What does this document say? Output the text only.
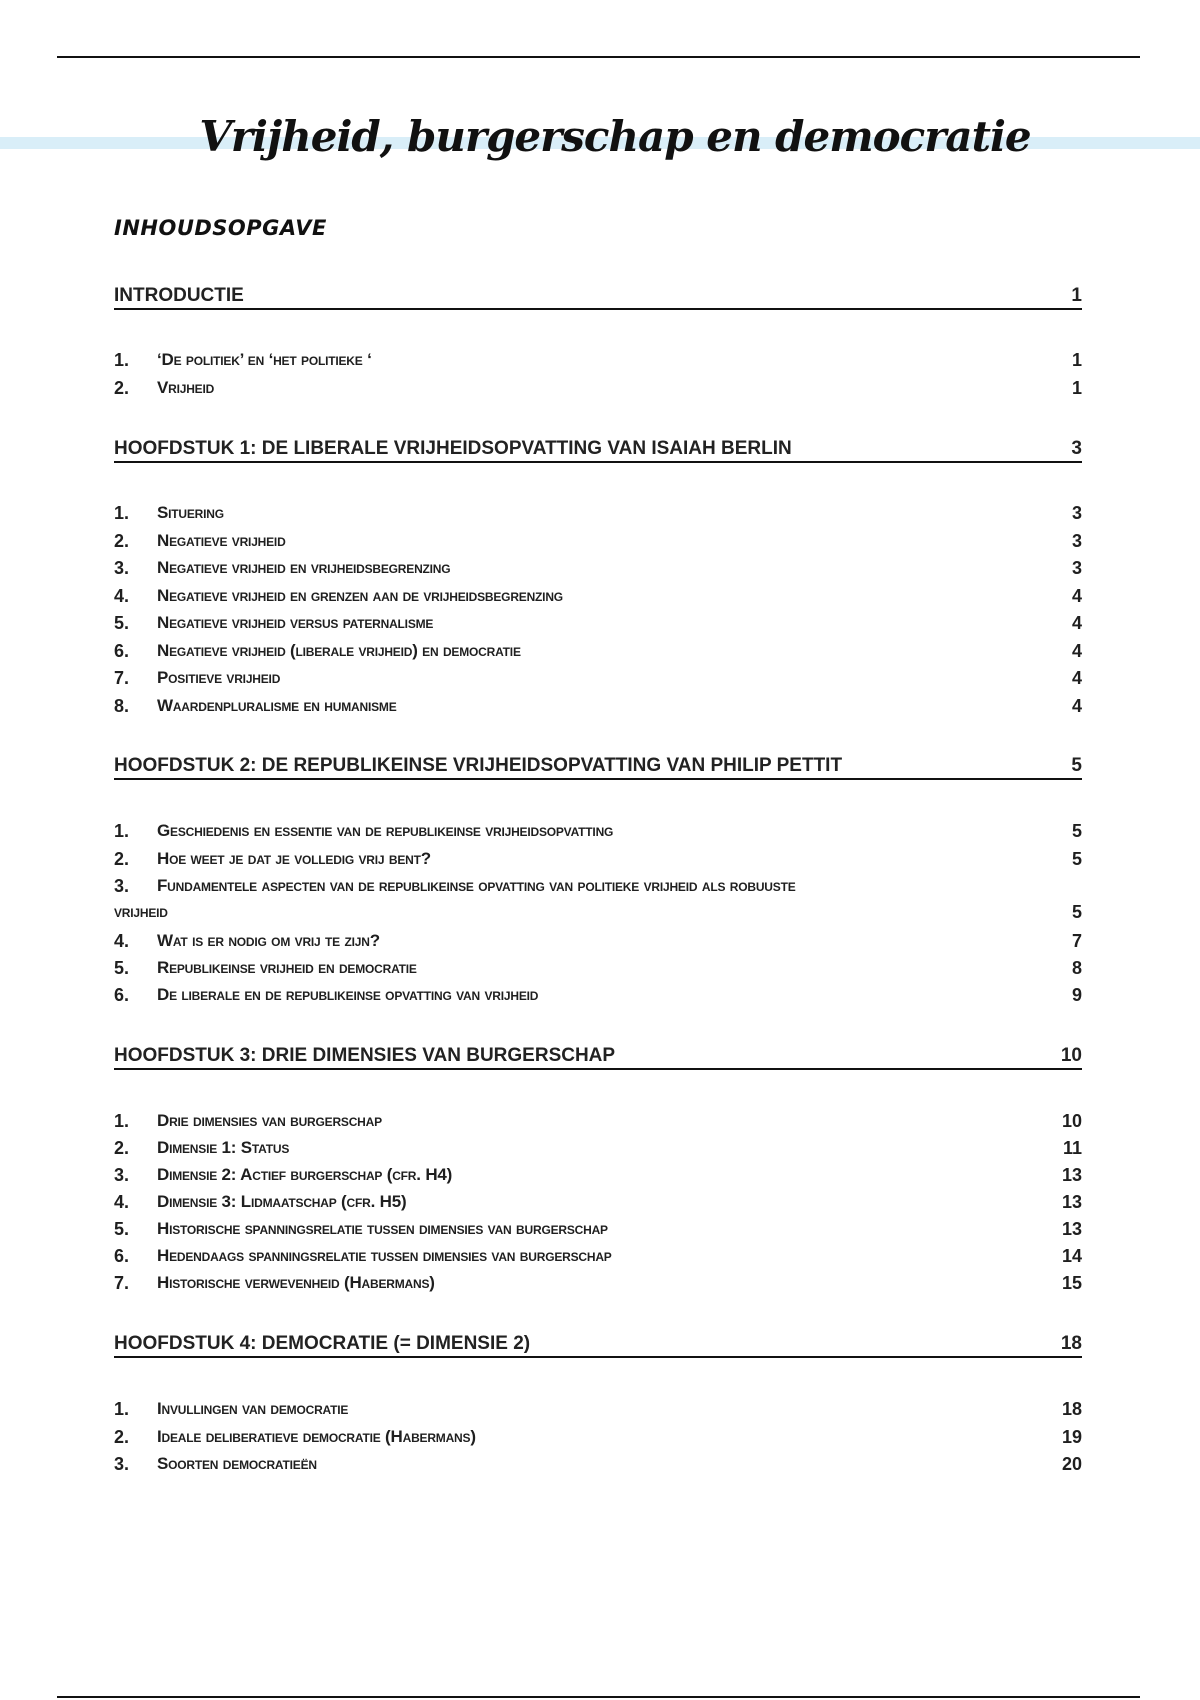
Vrijheid, burgerschap en democratie
INHOUDSOPGAVE
INTRODUCTIE	1
1.	‘De politiek’ en ‘het politieke ‘	1
2.	Vrijheid	1
HOOFDSTUK 1: DE LIBERALE VRIJHEIDSOPVATTING VAN ISAIAH BERLIN	3
1.	Situering	3
2.	Negatieve vrijheid	3
3.	Negatieve vrijheid en vrijheidsbegrenzing	3
4.	Negatieve vrijheid en grenzen aan de vrijheidsbegrenzing	4
5.	Negatieve vrijheid versus paternalisme	4
6.	Negatieve vrijheid (liberale vrijheid) en democratie	4
7.	Positieve vrijheid	4
8.	Waardenpluralisme en humanisme	4
HOOFDSTUK 2: DE REPUBLIKEINSE VRIJHEIDSOPVATTING VAN PHILIP PETTIT	5
1.	Geschiedenis en essentie van de republikeinse vrijheidsopvatting	5
2.	Hoe weet je dat je volledig vrij bent?	5
3.	Fundamentele aspecten van de republikeinse opvatting van politieke vrijheid als robuuste
vrijheid	5
4.	Wat is er nodig om vrij te zijn?	7
5.	Republikeinse vrijheid en democratie	8
6.	De liberale en de republikeinse opvatting van vrijheid	9
HOOFDSTUK 3: DRIE DIMENSIES VAN BURGERSCHAP	10
1.	Drie dimensies van burgerschap	10
2.	Dimensie 1: Status	11
3.	Dimensie 2: Actief burgerschap (cfr. H4)	13
4.	Dimensie 3: Lidmaatschap (cfr. H5)	13
5.	Historische spanningsrelatie tussen dimensies van burgerschap	13
6.	Hedendaags spanningsrelatie tussen dimensies van burgerschap	14
7.	Historische verwevenheid (Habermans)	15
HOOFDSTUK 4: DEMOCRATIE (= DIMENSIE 2)	18
1.	Invullingen van democratie	18
2.	Ideale deliberatieve democratie (Habermans)	19
3.	Soorten democratieën	20
